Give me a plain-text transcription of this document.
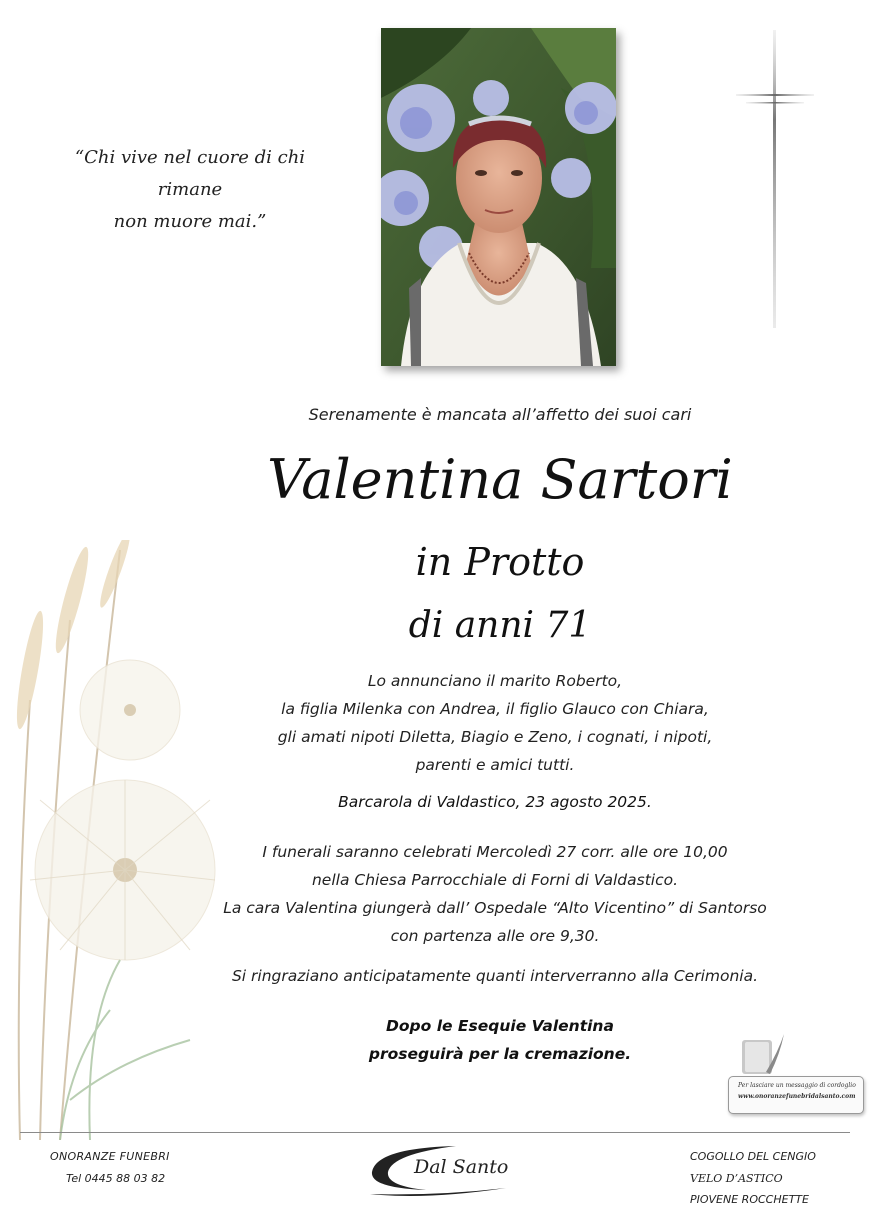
“Chi vive nel cuore di chi rimane
non muore mai.”
Serenamente è mancata all’affetto dei suoi cari
Valentina Sartori
in Protto
di anni 71
Lo annunciano il marito Roberto,
la figlia Milenka con Andrea, il figlio Glauco con Chiara,
gli amati nipoti Diletta, Biagio e Zeno, i cognati, i nipoti,
parenti e amici tutti.
Barcarola di Valdastico, 23 agosto 2025.
I funerali saranno celebrati Mercoledì 27 corr. alle ore 10,00
nella Chiesa Parrocchiale di Forni di Valdastico.
La cara Valentina giungerà dall’ Ospedale “Alto Vicentino” di Santorso
con partenza alle ore 9,30.
Si ringraziano anticipatamente quanti interverranno alla Cerimonia.
Dopo le Esequie Valentina
proseguirà per la cremazione.
Per lasciare un messaggio di cordoglio
www.onoranzefunebridalsanto.com
ONORANZE FUNEBRI
Tel 0445 88 03 82
Dal Santo	COGOLLO DEL CENGIO
VELO D’ASTICO
PIOVENE ROCCHETTE
